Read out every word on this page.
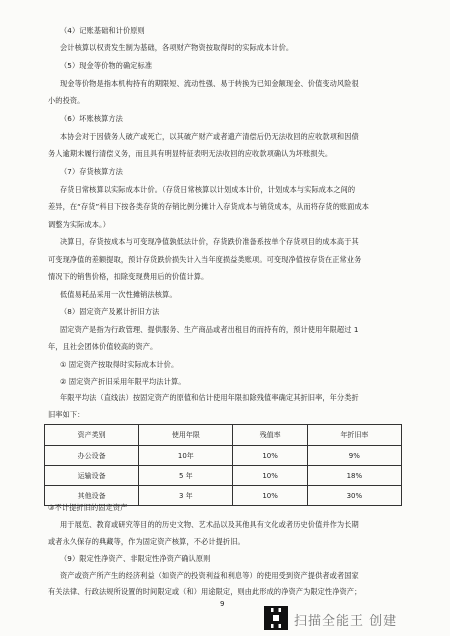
（4）记账基础和计价原则
会计核算以权责发生制为基础，各项财产物资按取得时的实际成本计价。
（5）现金等价物的确定标准
现金等价物是指本机构持有的期限短、流动性强、易于转换为已知金额现金、价值变动风险很
小的投资。
（6）坏账核算方法
本协会对于因债务人破产或死亡，以其破产财产或者遗产清偿后仍无法收回的应收款项和因债
务人逾期未履行清偿义务，而且具有明显特征表明无法收回的应收款项确认为坏账损失。
（7）存货核算方法
存货日常核算以实际成本计价。（存货日常核算以计划成本计价，计划成本与实际成本之间的
差异，在“存货”科目下按各类存货的存销比例分摊计入存货成本与销货成本，从而将存货的账面成本
调整为实际成本。）
决算日，存货按成本与可变现净值孰低法计价，存货跌价准备系按单个存货项目的成本高于其
可变现净值的差额提取，预计存货跌价损失计入当年度损益类账项。可变现净值按存货在正常业务
情况下的销售价格，扣除变现费用后的价值计算。
低值易耗品采用一次性摊销法核算。
（8）固定资产及累计折旧方法
固定资产是指为行政管理、提供服务、生产商品或者出租目的而持有的，预计使用年限超过 1
年，且社会团体价值较高的资产。
① 固定资产按取得时实际成本计价。
② 固定资产折旧采用年限平均法计算。
年限平均法（直线法）按固定资产的原值和估计使用年限扣除残值率确定其折旧率，年分类折
旧率如下：
资产类别	使用年限	残值率	年折旧率
办公设备	10年	10%	9%
运输设备	5 年	10%	18%
其他设备	3 年	10%	30%
③不计提折旧的固定资产
用于展览、教育或研究等目的的历史文物、艺术品以及其他具有文化或者历史价值并作为长期
或者永久保存的典藏等，作为固定资产核算，不必计提折旧。
（9）限定性净资产、非限定性净资产确认原则
资产或资产所产生的经济利益（如资产的投资利益和利息等）的使用受到资产提供者或者国家
9
有关法律、行政法规所设置的时间限定或（和）用途限定，则由此形成的净资产为限定性净资产；
扫描全能王 创建
